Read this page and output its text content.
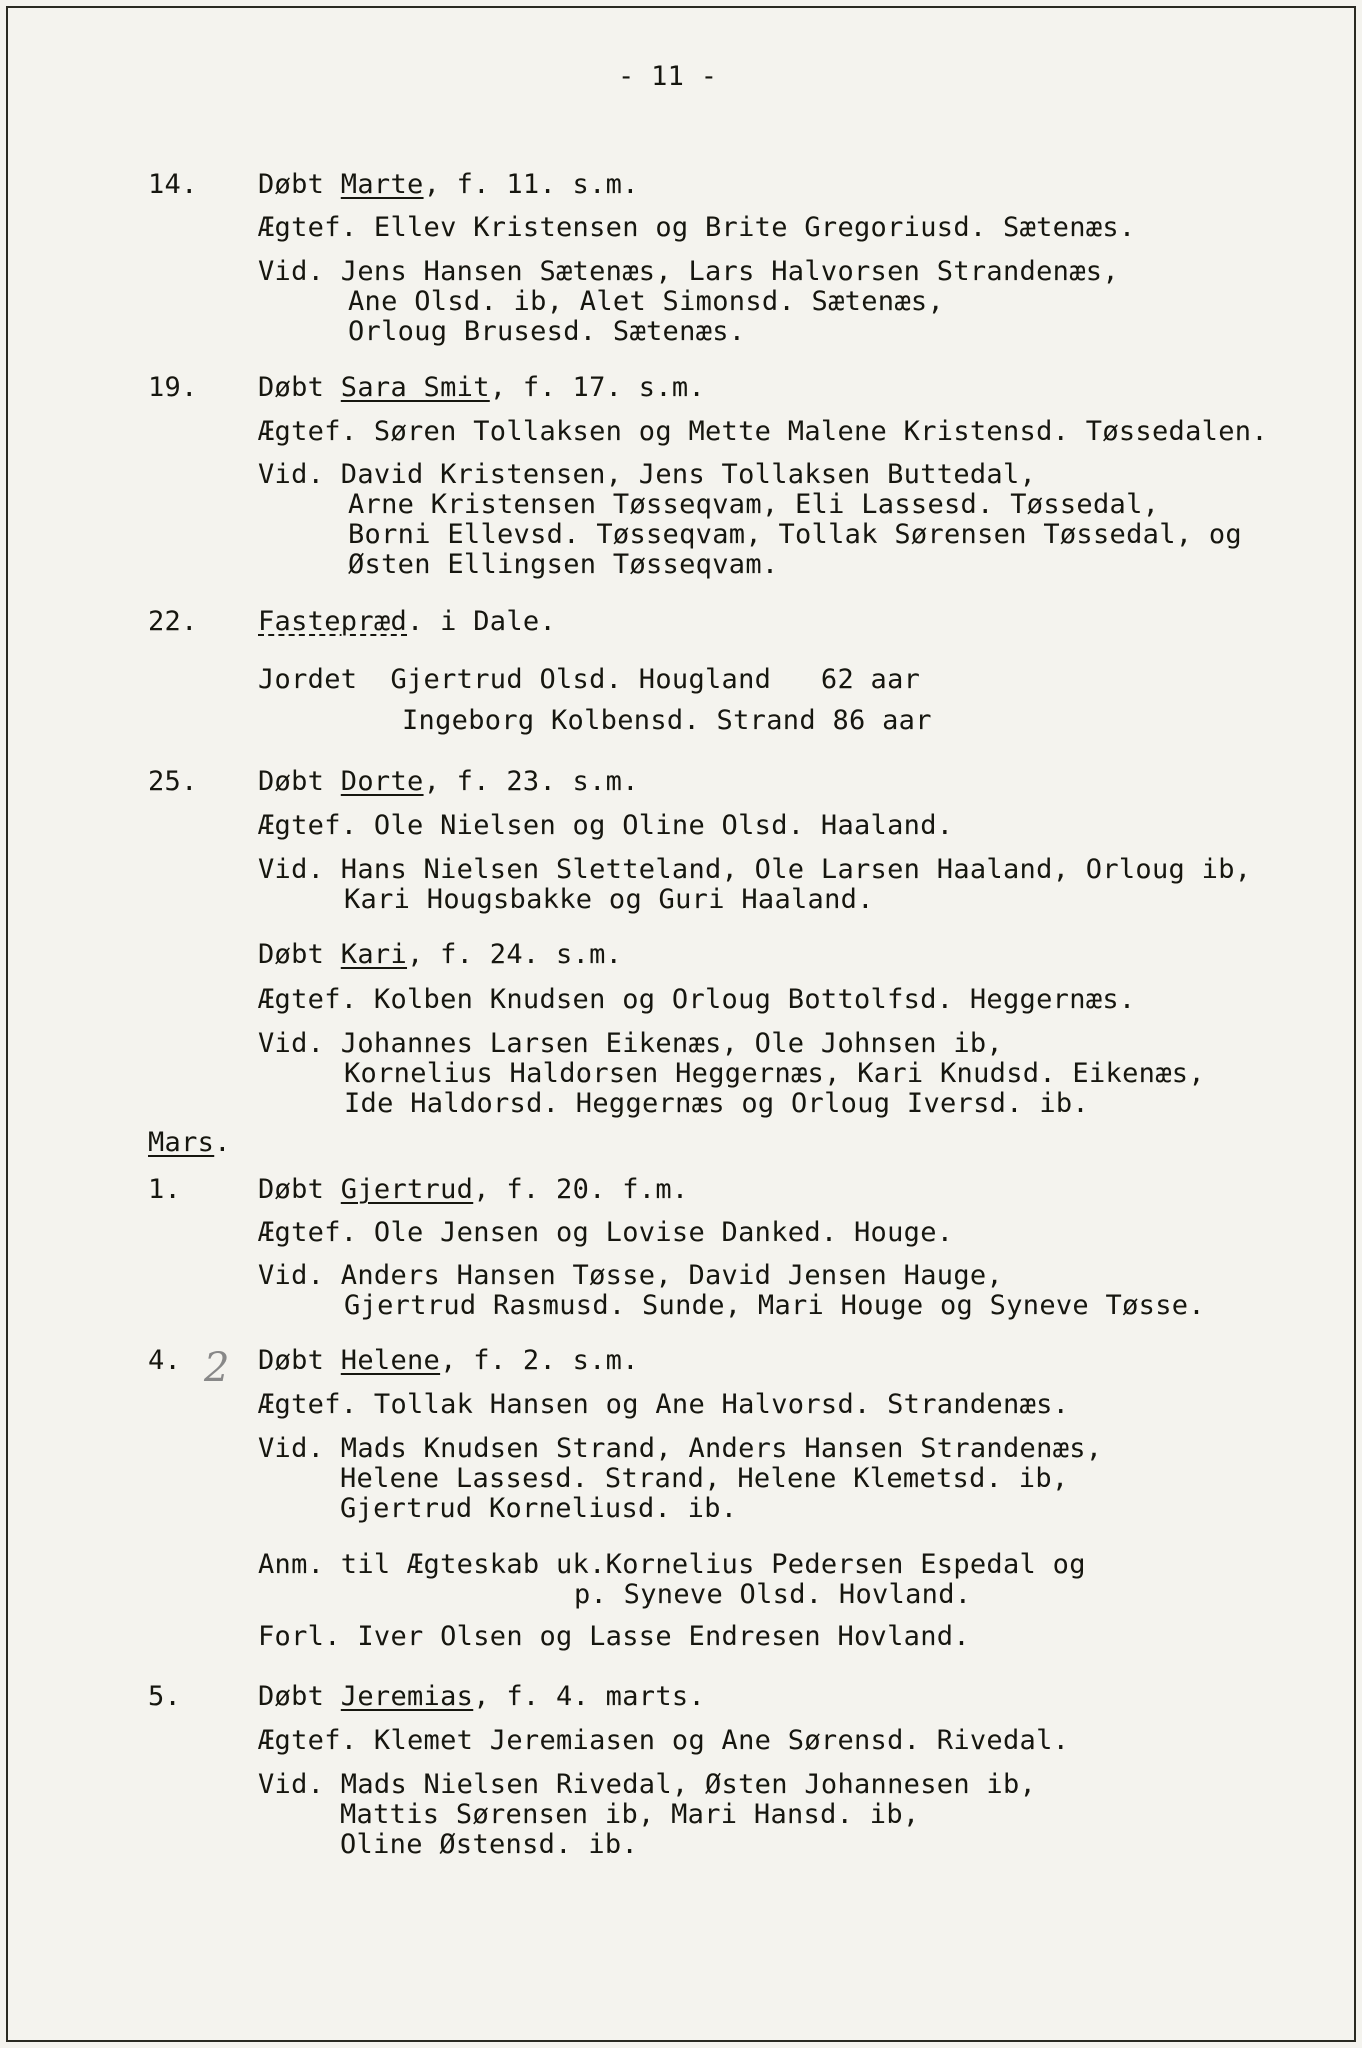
- 11 -
2
14. Døbt Marte, f. 11. s.m.
Ægtef. Ellev Kristensen og Brite Gregoriusd. Sætenæs.
Vid. Jens Hansen Sætenæs, Lars Halvorsen Strandenæs,
Ane Olsd. ib, Alet Simonsd. Sætenæs,
Orloug Brusesd. Sætenæs.
19. Døbt Sara Smit, f. 17. s.m.
Ægtef. Søren Tollaksen og Mette Malene Kristensd. Tøssedalen.
Vid. David Kristensen, Jens Tollaksen Buttedal,
Arne Kristensen Tøsseqvam, Eli Lassesd. Tøssedal,
Borni Ellevsd. Tøsseqvam, Tollak Sørensen Tøssedal, og
Østen Ellingsen Tøsseqvam.
22. Fastepræd. i Dale.
Jordet  Gjertrud Olsd. Hougland   62 aar
Ingeborg Kolbensd. Strand 86 aar
25. Døbt Dorte, f. 23. s.m.
Ægtef. Ole Nielsen og Oline Olsd. Haaland.
Vid. Hans Nielsen Sletteland, Ole Larsen Haaland, Orloug ib,
Kari Hougsbakke og Guri Haaland.
Døbt Kari, f. 24. s.m.
Ægtef. Kolben Knudsen og Orloug Bottolfsd. Heggernæs.
Vid. Johannes Larsen Eikenæs, Ole Johnsen ib,
Kornelius Haldorsen Heggernæs, Kari Knudsd. Eikenæs,
Ide Haldorsd. Heggernæs og Orloug Iversd. ib.
Mars.
1.	Døbt Gjertrud, f. 20. f.m.
Ægtef. Ole Jensen og Lovise Danked. Houge.
Vid. Anders Hansen Tøsse, David Jensen Hauge,
Gjertrud Rasmusd. Sunde, Mari Houge og Syneve Tøsse.
4.	Døbt Helene, f. 2. s.m.
Ægtef. Tollak Hansen og Ane Halvorsd. Strandenæs.
Vid. Mads Knudsen Strand, Anders Hansen Strandenæs,
Helene Lassesd. Strand, Helene Klemetsd. ib,
Gjertrud Korneliusd. ib.
Anm. til Ægteskab uk.Kornelius Pedersen Espedal og
p. Syneve Olsd. Hovland.
Forl. Iver Olsen og Lasse Endresen Hovland.
5.	Døbt Jeremias, f. 4. marts.
Ægtef. Klemet Jeremiasen og Ane Sørensd. Rivedal.
Vid. Mads Nielsen Rivedal, Østen Johannesen ib,
Mattis Sørensen ib, Mari Hansd. ib,
Oline Østensd. ib.
